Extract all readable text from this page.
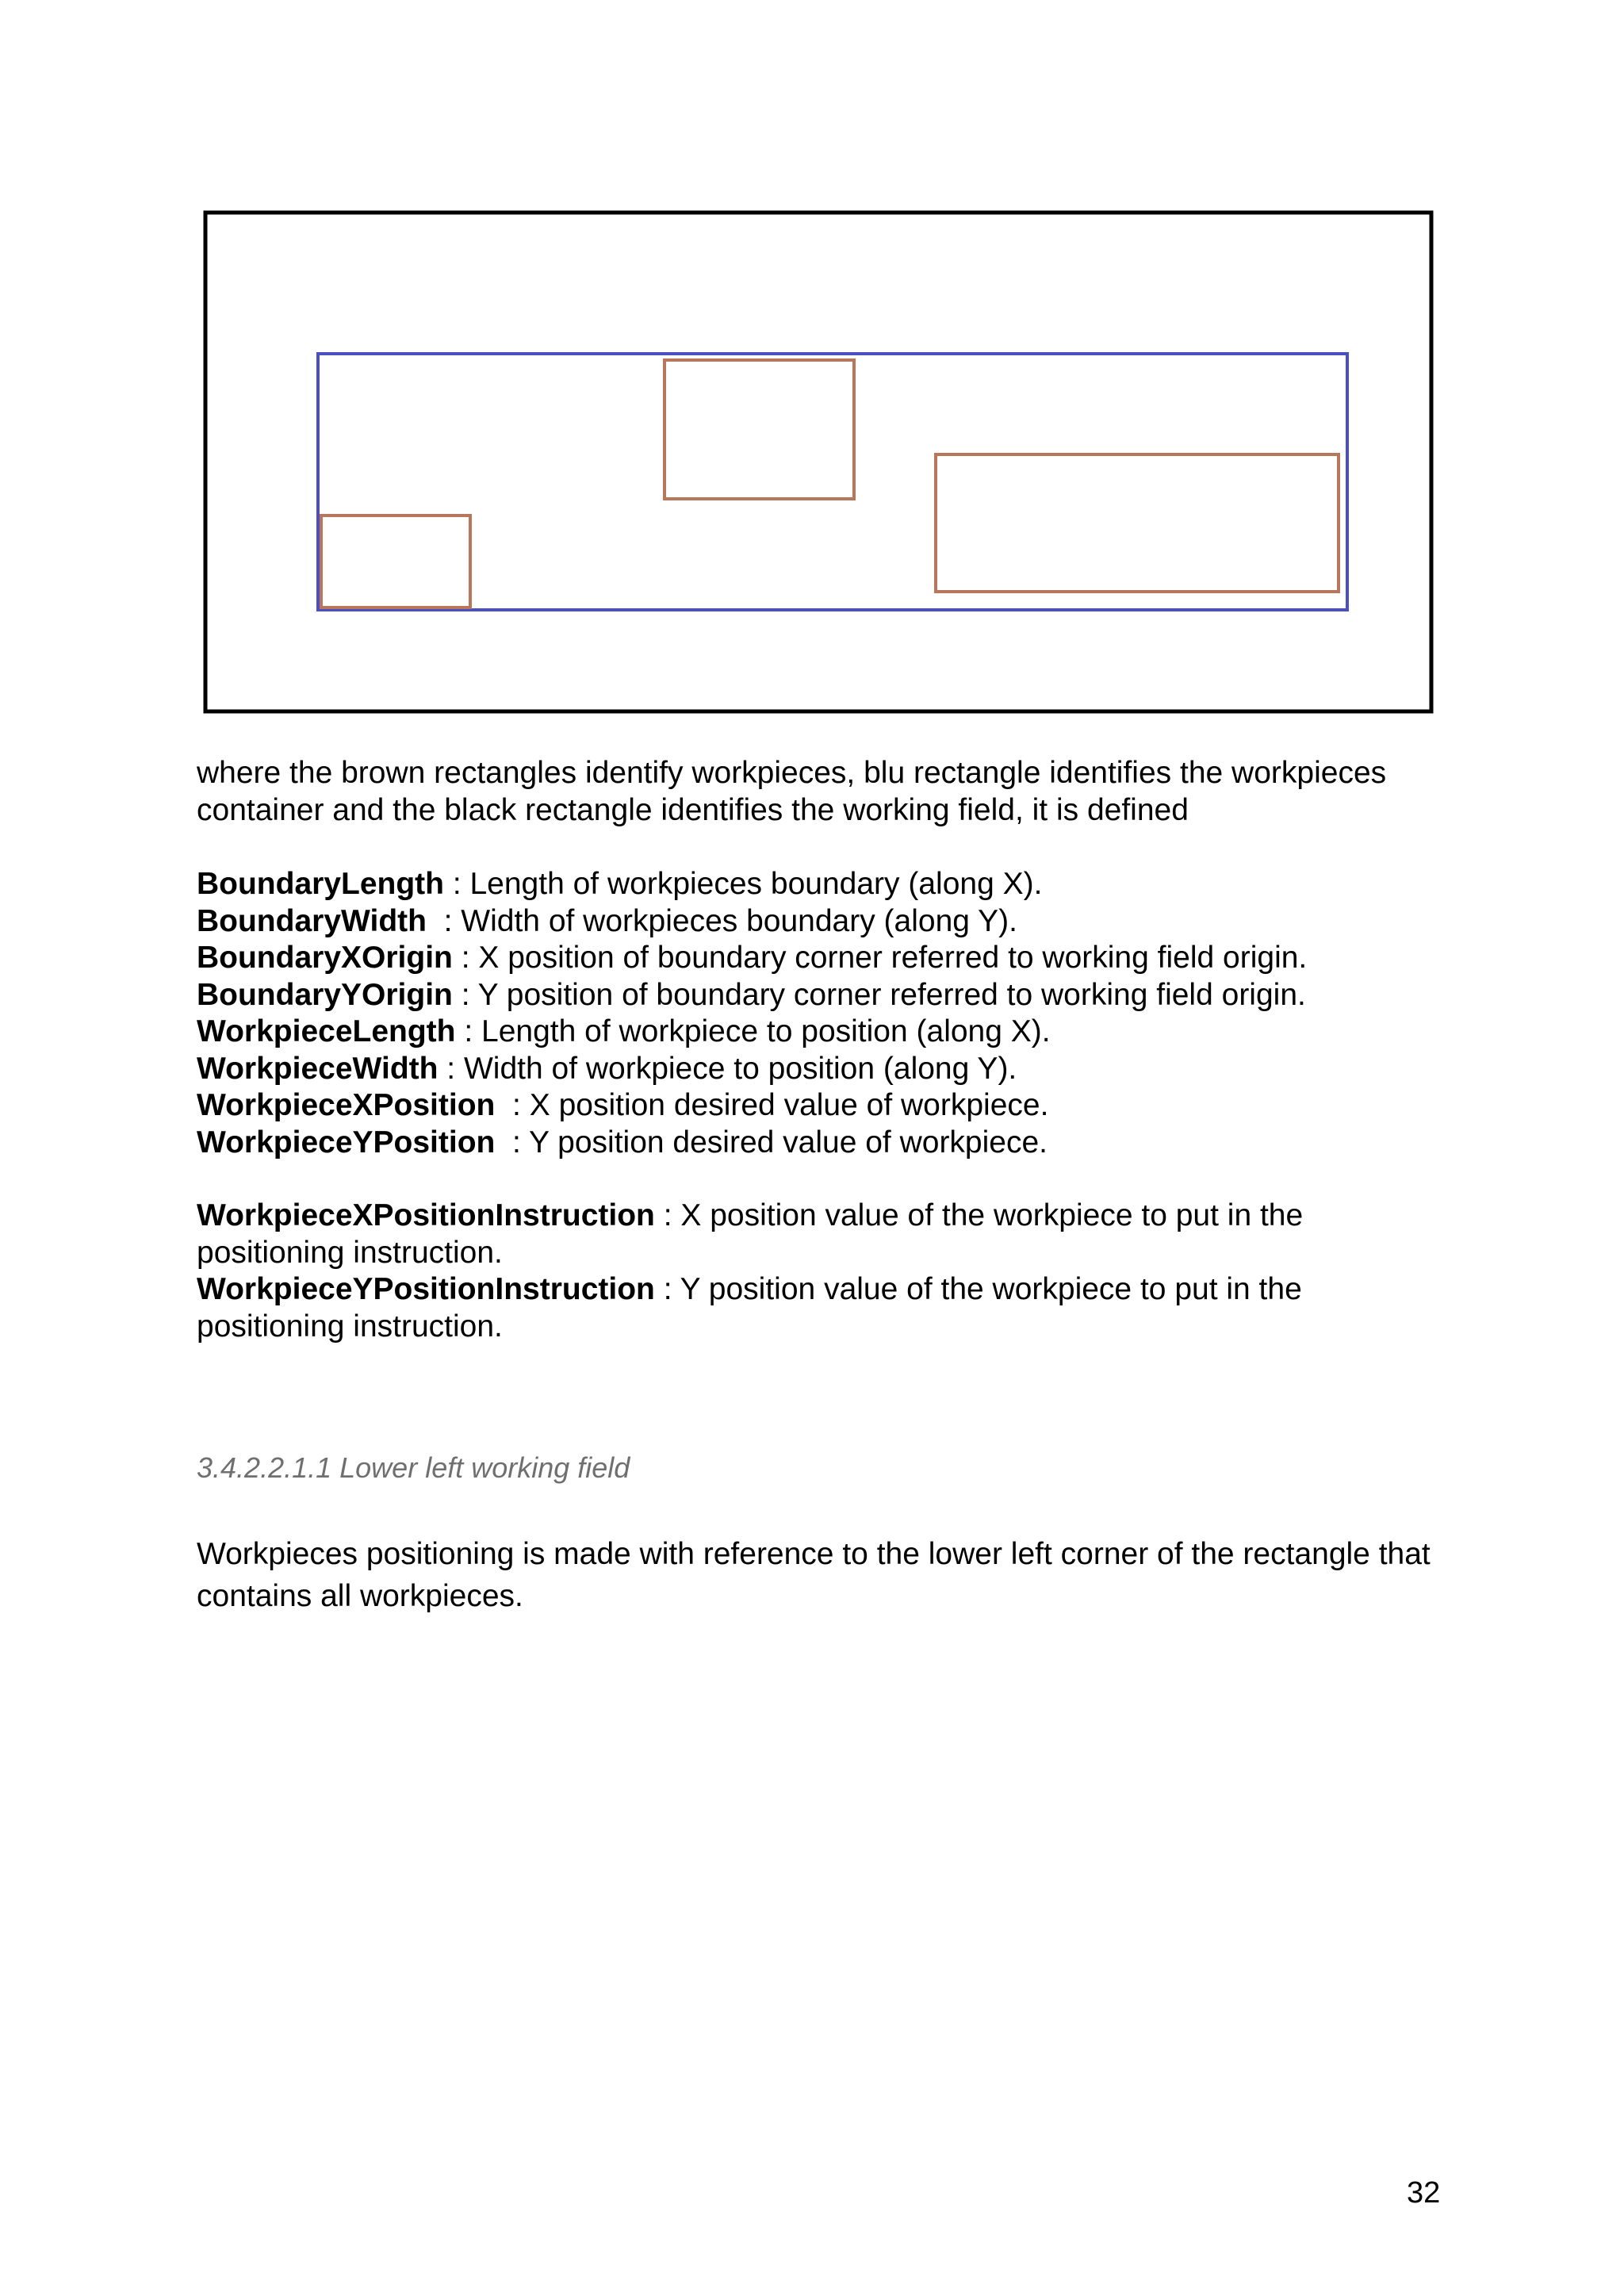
where the brown rectangles identify workpieces, blu rectangle identifies the workpieces container and the black rectangle identifies the working field, it is defined
BoundaryLength : Length of workpieces boundary (along X).
BoundaryWidth  : Width of workpieces boundary (along Y).
BoundaryXOrigin : X position of boundary corner referred to working field origin.
BoundaryYOrigin : Y position of boundary corner referred to working field origin.
WorkpieceLength : Length of workpiece to position (along X).
WorkpieceWidth : Width of workpiece to position (along Y).
WorkpieceXPosition  : X position desired value of workpiece.
WorkpieceYPosition  : Y position desired value of workpiece.
WorkpieceXPositionInstruction : X position value of the workpiece to put in the positioning instruction.
WorkpieceYPositionInstruction : Y position value of the workpiece to put in the positioning instruction.
3.4.2.2.1.1 Lower left working field
Workpieces positioning is made with reference to the lower left corner of the rectangle that contains all workpieces.
32
